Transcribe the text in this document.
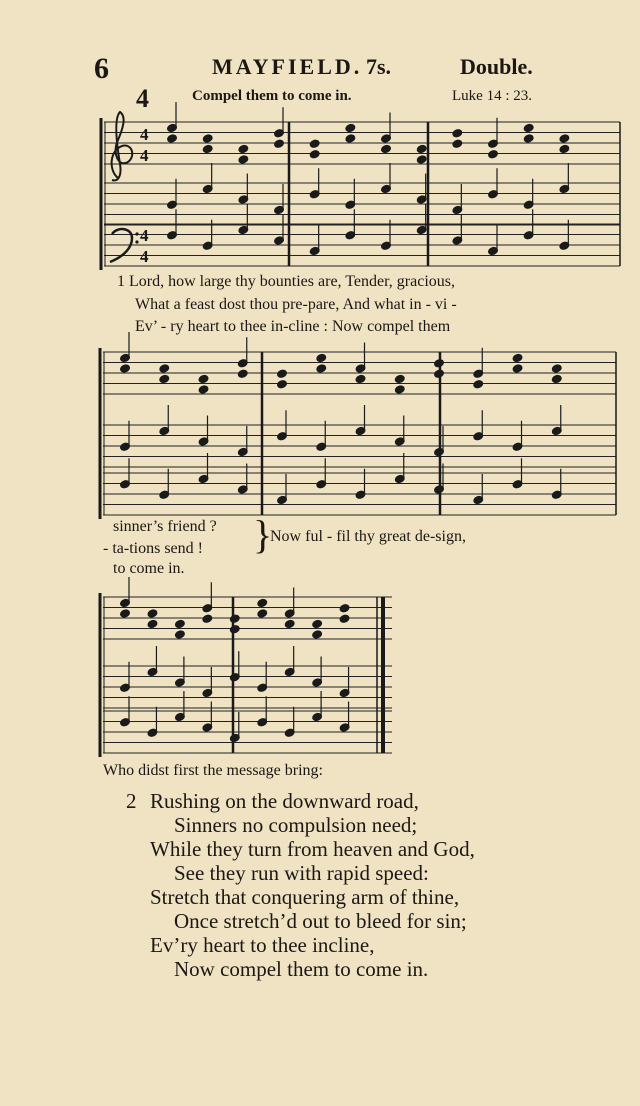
6	MAYFIELD. 7s.	Double.
4	Compel them to come in.	Luke 14 : 23.
4
4
4
4
1 Lord, how large thy bounties are, Tender, gracious,
What a feast dost thou pre-pare, And what in - vi -
Ev’ - ry heart to thee in-cline : Now compel them
sinner’s friend ?
- ta-tions send !
to come in.
}
Now ful - fil thy great de-sign,
Who didst first the message bring:
2 Rushing on the downward road,
Sinners no compulsion need;
While they turn from heaven and God,
See they run with rapid speed:
Stretch that conquering arm of thine,
Once stretch’d out to bleed for sin;
Ev’ry heart to thee incline,
Now compel them to come in.
